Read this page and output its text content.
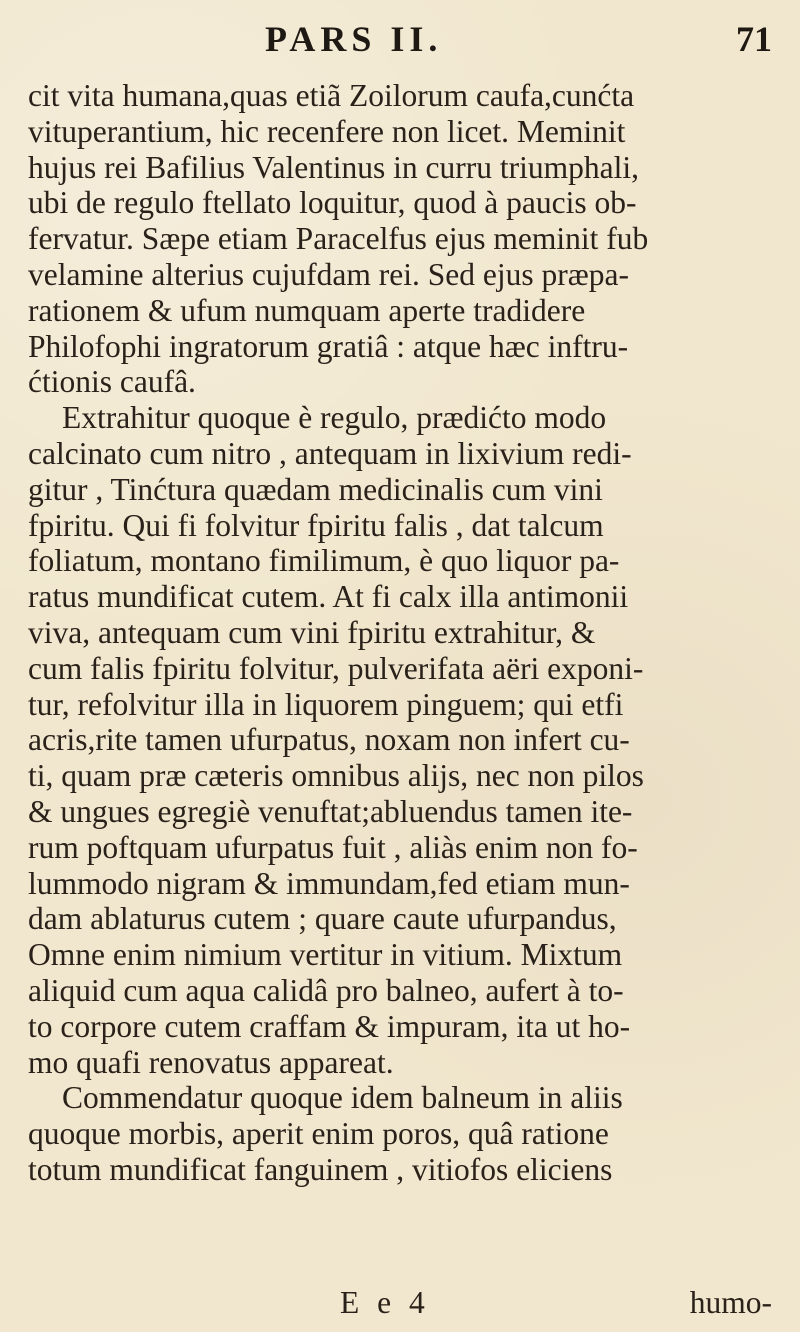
PARS II.	71
cit vita humana,quas etiã Zoilorum caufa,cunćta
vituperantium, hic recenfere non licet. Meminit
hujus rei Bafilius Valentinus in curru triumphali,
ubi de regulo ftellato loquitur, quod à paucis ob-
fervatur. Sæpe etiam Paracelfus ejus meminit fub
velamine alterius cujufdam rei. Sed ejus præpa-
rationem & ufum numquam aperte tradidere
Philofophi ingratorum gratiâ : atque hæc inftru-
ćtionis caufâ.
Extrahitur quoque è regulo, prædićto modo
calcinato cum nitro , antequam in lixivium redi-
gitur , Tinćtura quædam medicinalis cum vini
fpiritu. Qui fi folvitur fpiritu falis , dat talcum
foliatum, montano fimilimum, è quo liquor pa-
ratus mundificat cutem. At fi calx illa antimonii
viva, antequam cum vini fpiritu extrahitur, &
cum falis fpiritu folvitur, pulverifata aëri exponi-
tur, refolvitur illa in liquorem pinguem; qui etfi
acris,rite tamen ufurpatus, noxam non infert cu-
ti, quam præ cæteris omnibus alijs, nec non pilos
& ungues egregiè venuftat;abluendus tamen ite-
rum poftquam ufurpatus fuit , aliàs enim non fo-
lummodo nigram & immundam,fed etiam mun-
dam ablaturus cutem ; quare caute ufurpandus,
Omne enim nimium vertitur in vitium. Mixtum
aliquid cum aqua calidâ pro balneo, aufert à to-
to corpore cutem craffam & impuram, ita ut ho-
mo quafi renovatus appareat.
Commendatur quoque idem balneum in aliis
quoque morbis, aperit enim poros, quâ ratione
totum mundificat fanguinem , vitiofos eliciens
E e 4	humo-
